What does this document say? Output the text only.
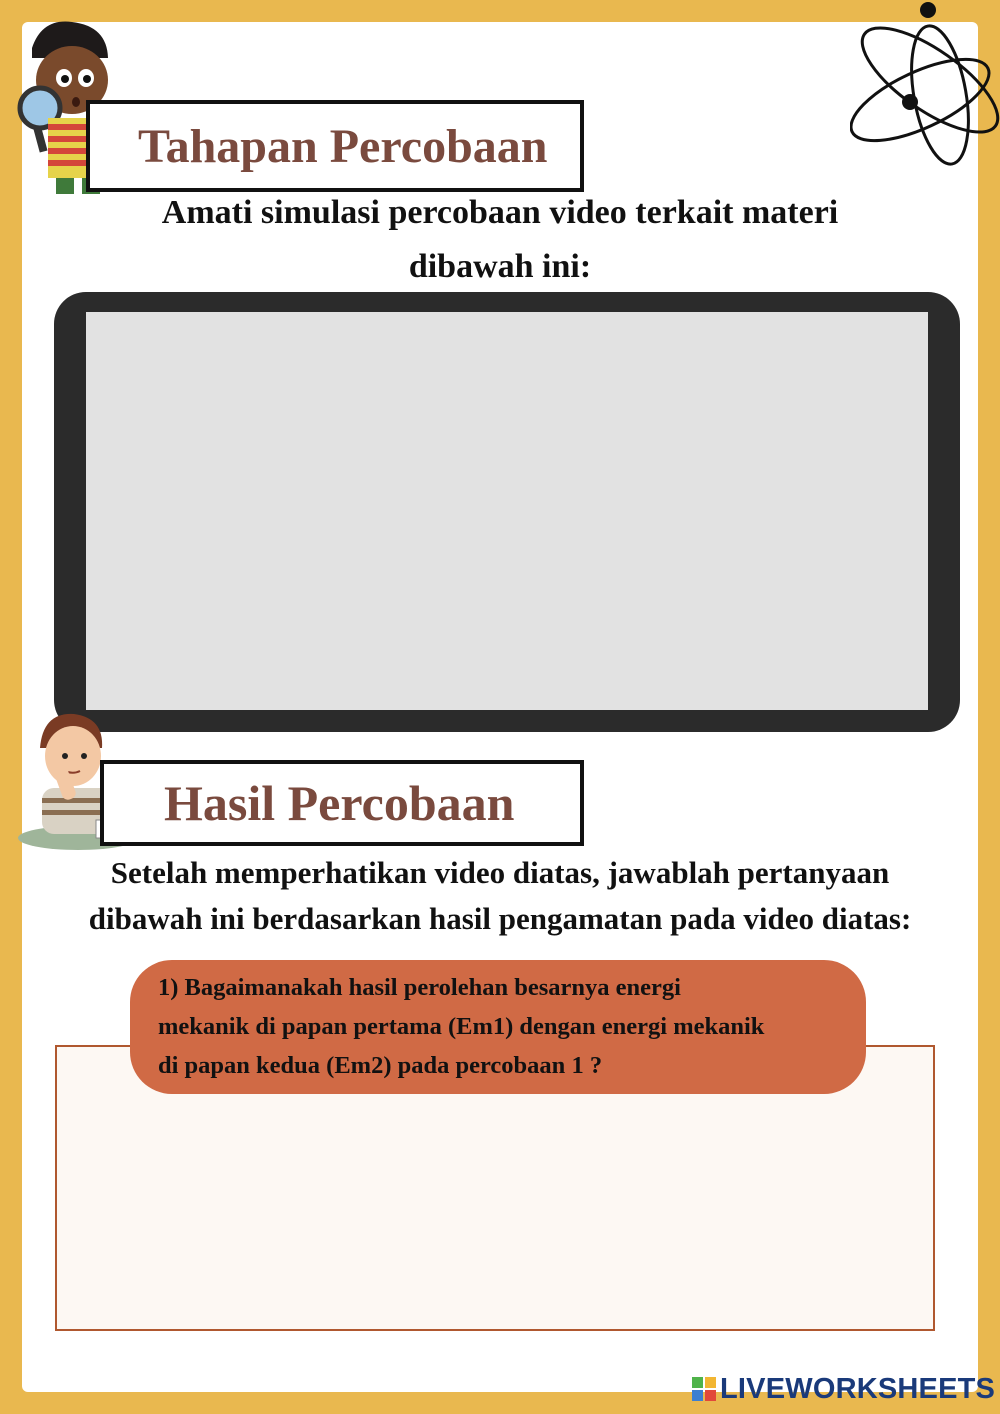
Tahapan Percobaan
Amati simulasi percobaan video terkait materi
dibawah ini:
Hasil Percobaan
Setelah memperhatikan video diatas, jawablah pertanyaan
dibawah ini berdasarkan hasil pengamatan pada video diatas:
1) Bagaimanakah hasil perolehan besarnya energi
mekanik di papan pertama (Em1) dengan energi mekanik
di papan kedua (Em2) pada percobaan 1 ?
LIVEWORKSHEETS
